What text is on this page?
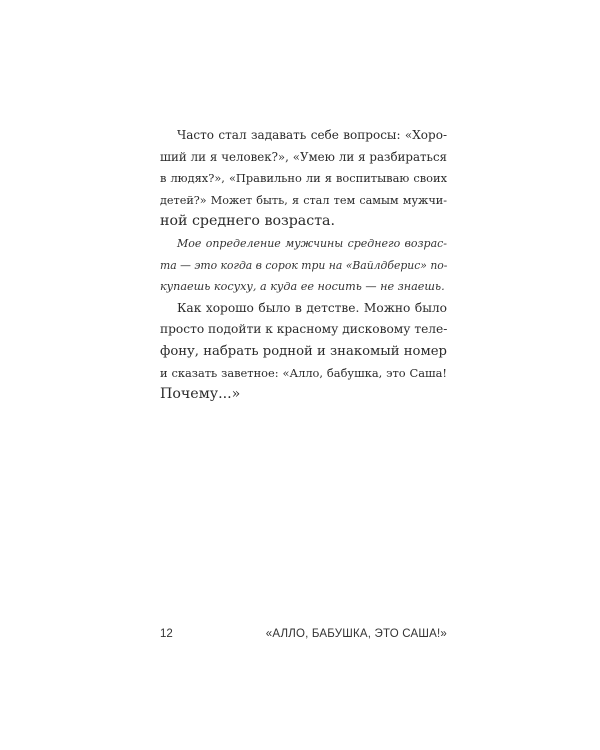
Часто стал задавать себе вопросы: «Хоро-
ший ли я человек?», «Умею ли я разбираться
в людях?», «Правильно ли я воспитываю своих
детей?» Может быть, я стал тем самым мужчи-
ной среднего возраста.

Мое определение мужчины среднего возрас-
та — это когда в сорок три на «Вайлдберис» по-
купаешь косуху, а куда ее носить — не знаешь.

Как хорошо было в детстве. Можно было
просто подойти к красному дисковому теле-
фону, набрать родной и знакомый номер
и сказать заветное: «Алло, бабушка, это Саша!
Почему...»

12	«АЛЛО, БАБУШКА, ЭТО САША!»
